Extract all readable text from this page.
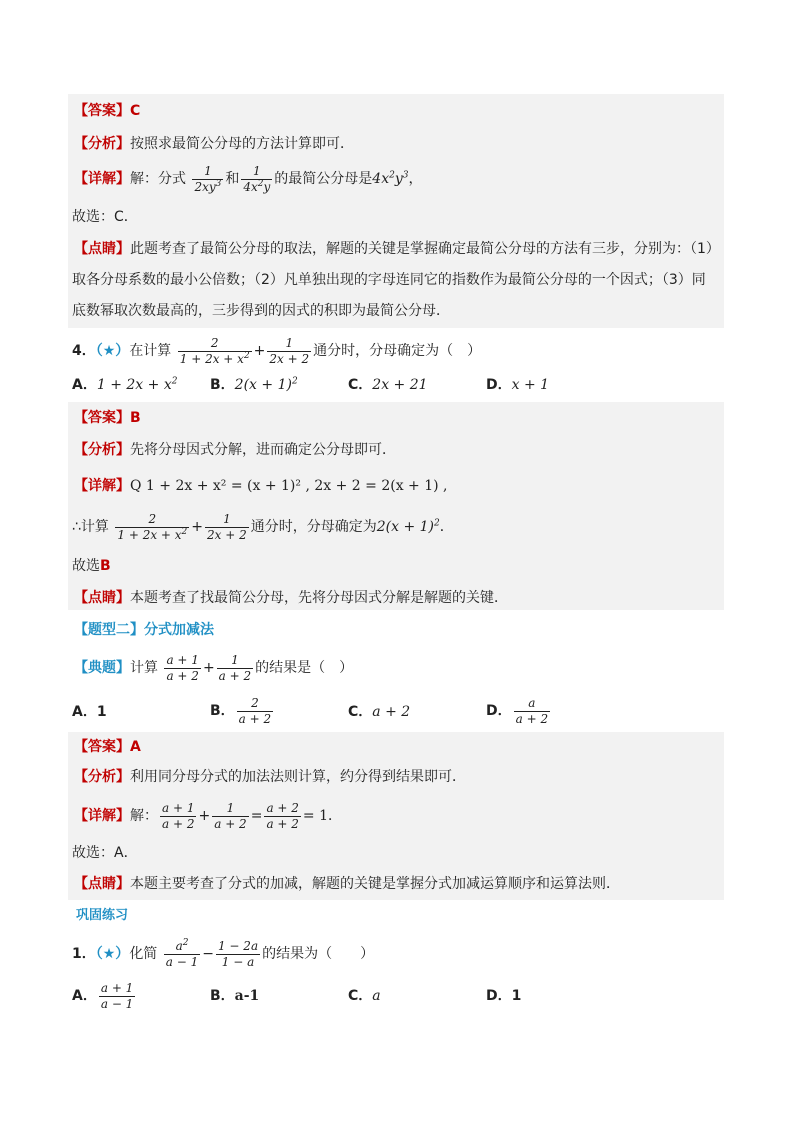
【答案】C
【分析】按照求最简公分母的方法计算即可．
【详解】解：分式 $\frac{1}{2xy^3}$ 和 $\frac{1}{4x^2y}$ 的最简公分母是$4x^2y^3$，
故选：C．
【点睛】此题考查了最简公分母的取法，解题的关键是掌握确定最简公分母的方法有三步，分别为：（1）
取各分母系数的最小公倍数；（2）凡单独出现的字母连同它的指数作为最简公分母的一个因式；（3）同
底数幂取次数最高的，三步得到的因式的积即为最简公分母．
4．（★）在计算 $\frac{2}{1 + 2x + x^2} + \frac{1}{2x + 2}$ 通分时，分母确定为（　）
A．$1 + 2x + x^2$ B．$2(x + 1)^2$	C．2x + 21	D．x + 1
【答案】B
【分析】先将分母因式分解，进而确定公分母即可．
【详解】Q 1 + 2x + x² = (x + 1)² , 2x + 2 = 2(x + 1) ,
∴计算 $\frac{2}{1 + 2x + x^2} + \frac{1}{2x + 2}$ 通分时，分母确定为$2(x + 1)^2$．
故选B
【点睛】本题考查了找最简公分母，先将分母因式分解是解题的关键．
【题型二】分式加减法
【典题】计算 $\frac{a + 1}{a + 2} + \frac{1}{a + 2}$ 的结果是（　）
A．1	B． $\frac{2}{a + 2}$	C．a + 2	D． $\frac{a}{a + 2}$
【答案】A
【分析】利用同分母分式的加法法则计算，约分得到结果即可．
【详解】解： $\frac{a + 1}{a + 2} + \frac{1}{a + 2} = \frac{a + 2}{a + 2} = 1$．
故选：A．
【点睛】本题主要考查了分式的加减，解题的关键是掌握分式加减运算顺序和运算法则．
巩固练习
1．（★）化简 $\frac{a^2}{a - 1} - \frac{1 - 2a}{1 - a}$ 的结果为（　　）
A． $\frac{a + 1}{a - 1}$	B．a-1	C．a	D．1
